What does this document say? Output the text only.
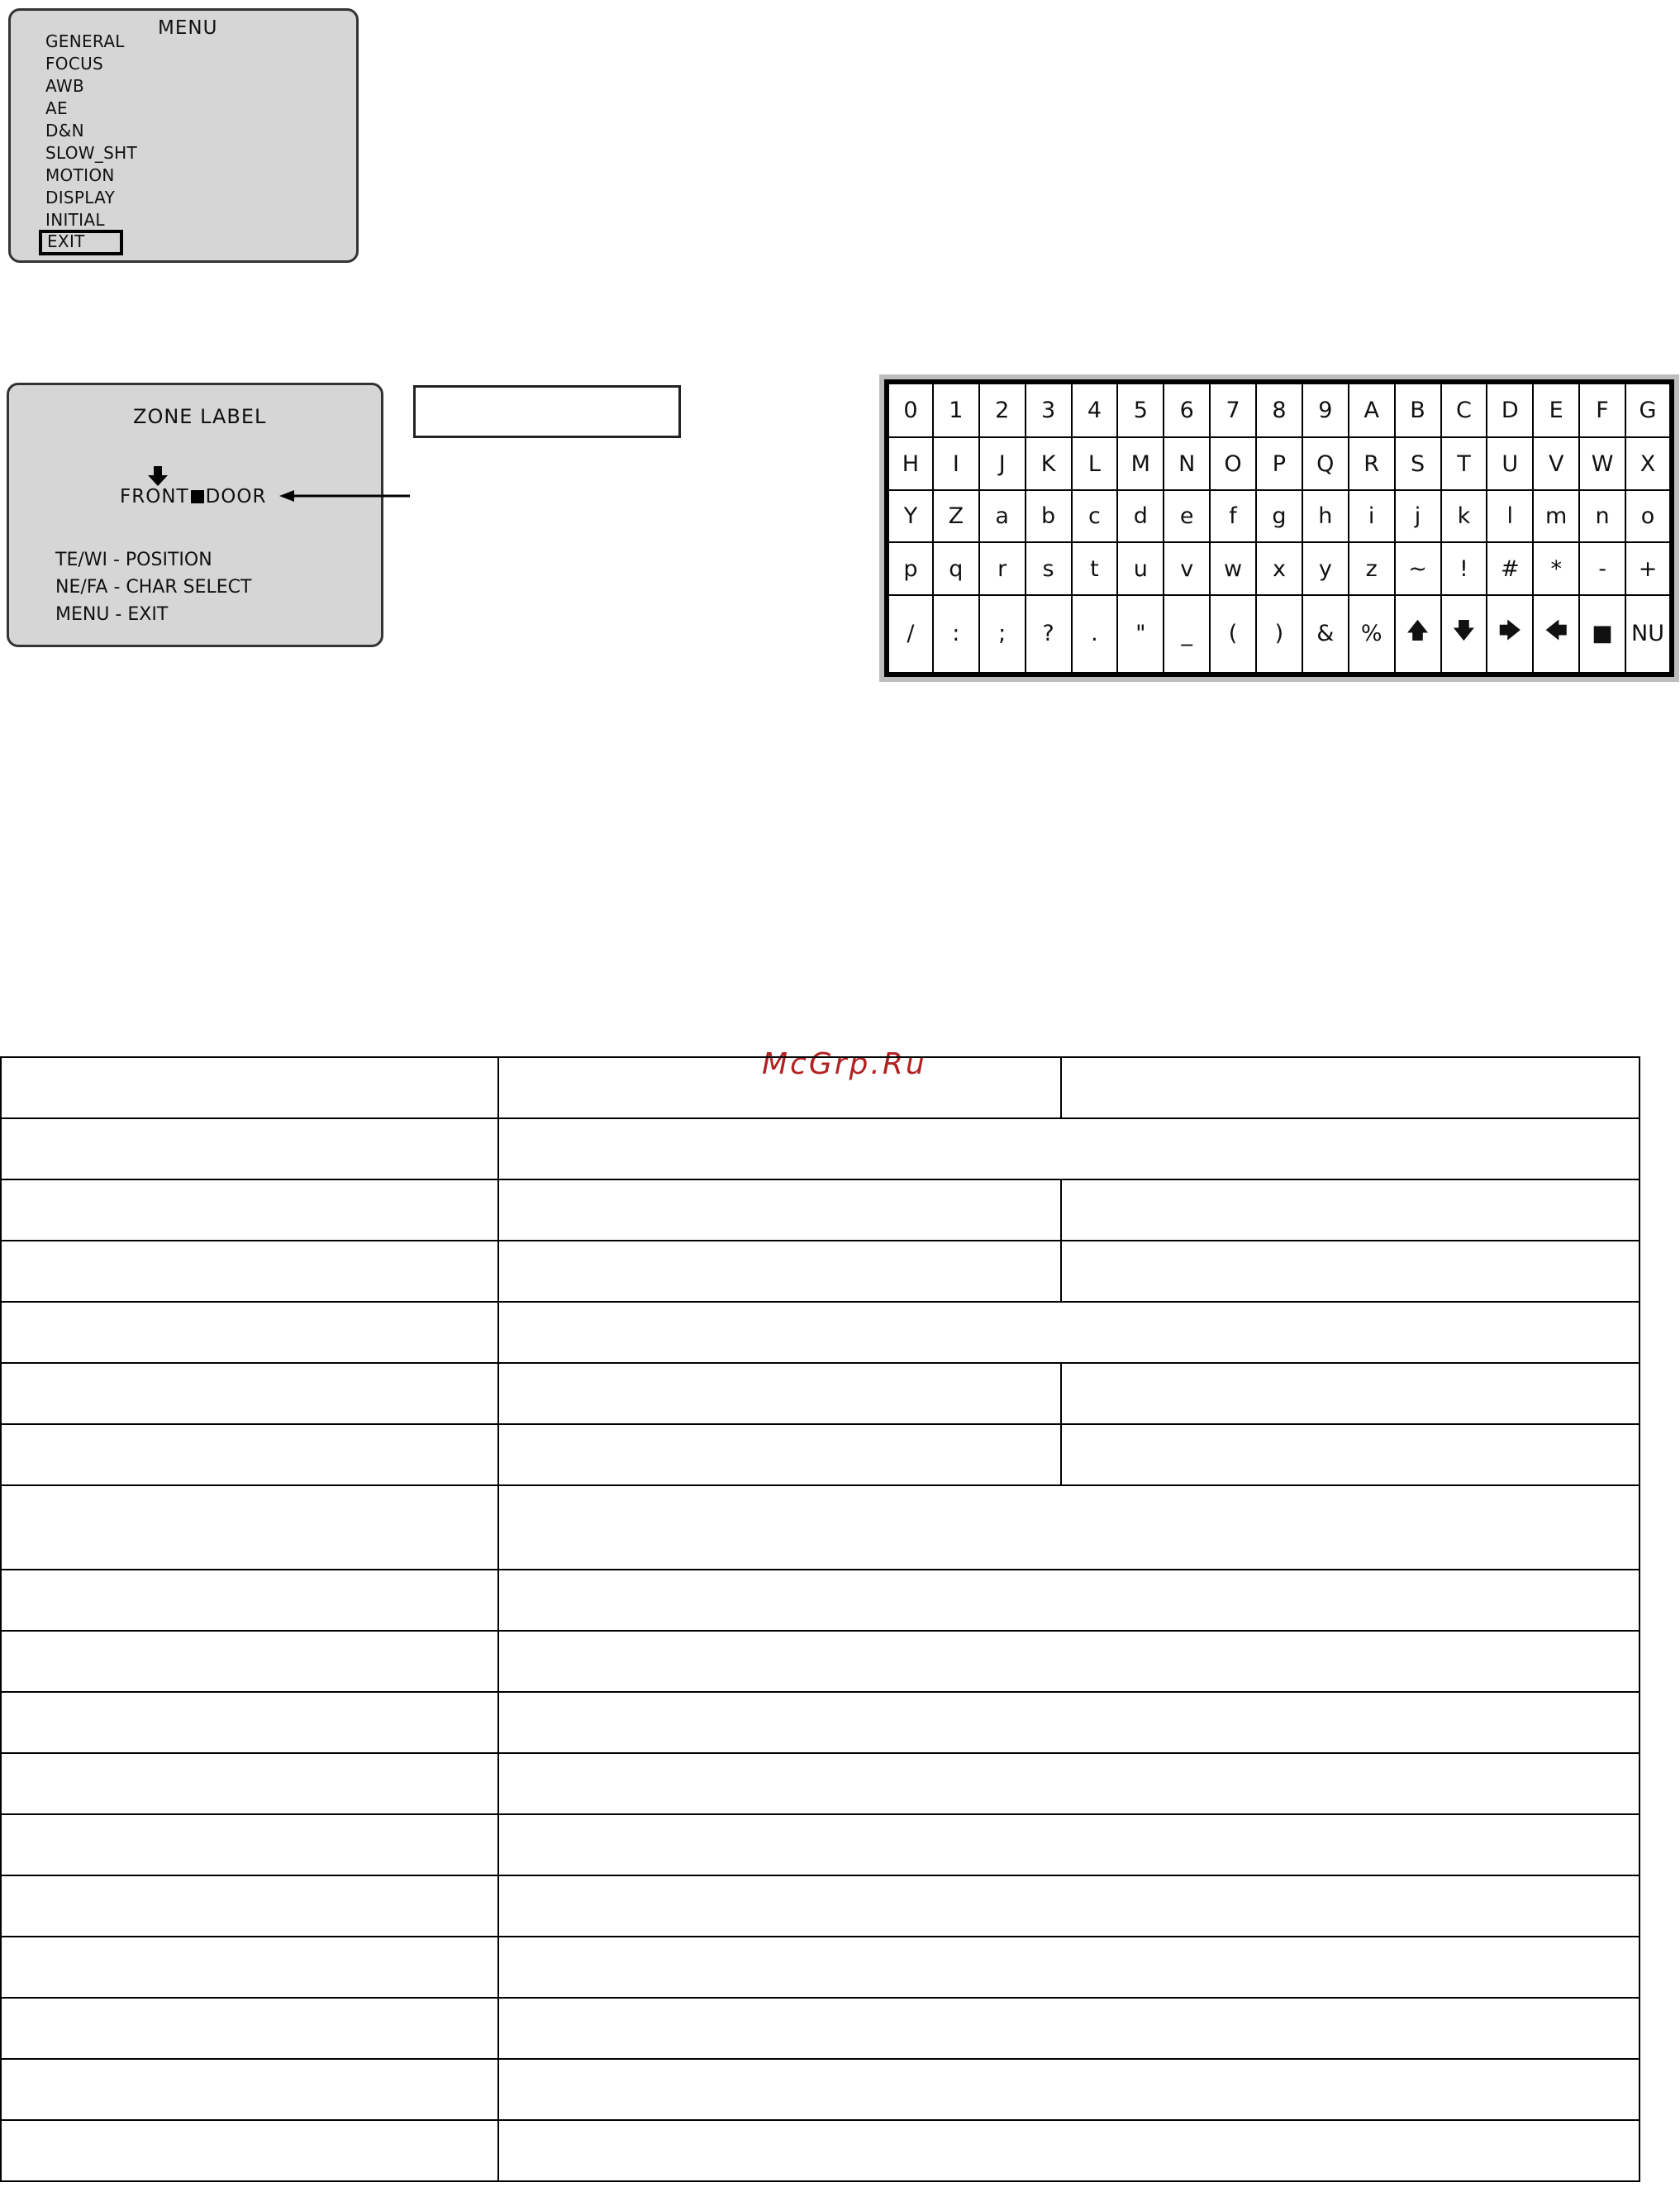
MENU
GENERAL
FOCUS
AWB
AE
D&N
SLOW_SHT
MOTION
DISPLAY
INITIAL
EXIT
ZONE LABEL
FRONT DOOR
TE/WI - POSITION
NE/FA - CHAR SELECT
MENU - EXIT
0	1	2	3	4	5	6	7	8	9	A	B	C	D	E	F	G
H	I	J	K	L	M	N	O	P	Q	R	S	T	U	V	W	X
Y	Z	a	b	c	d	e	f	g	h	i	j	k	l	m	n	o
p	q	r	s	t	u	v	w	x	y	z	~	!	#	*	-	+
/	:	;	?	.	"	_	(	)	&	%	🡅	🡇	🡆	🡄	■	NU
McGrp.Ru
